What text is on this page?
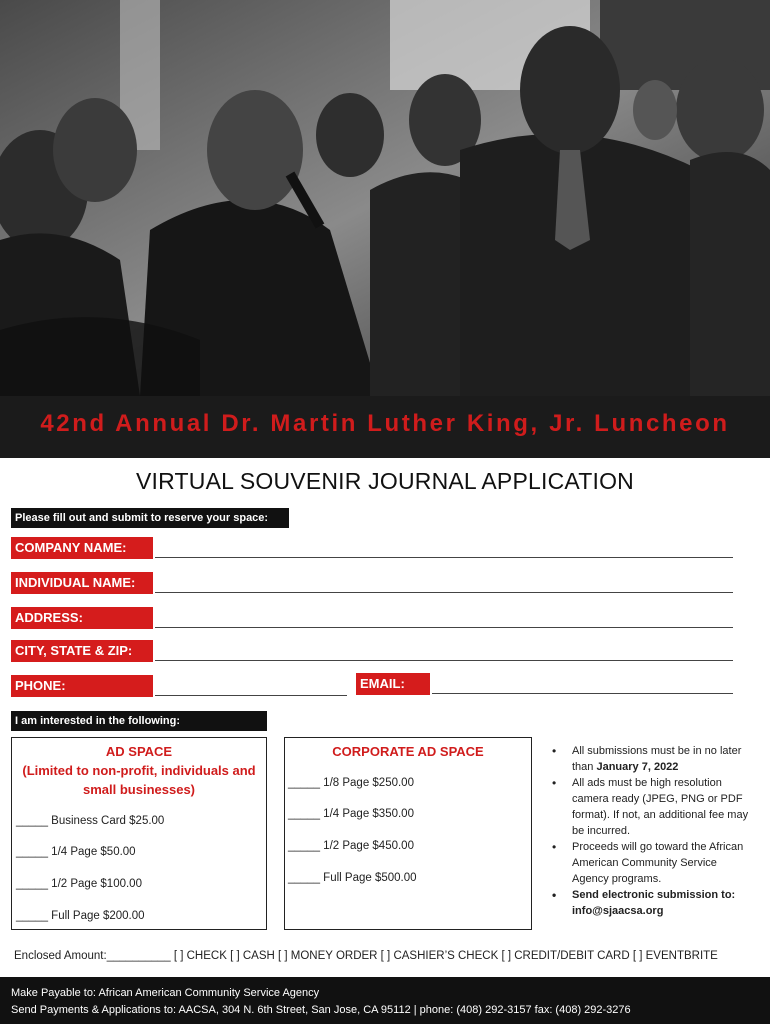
42nd Annual Dr. Martin Luther King, Jr. Luncheon
VIRTUAL SOUVENIR JOURNAL APPLICATION
Please fill out and submit to reserve your space:
COMPANY NAME:
INDIVIDUAL NAME:
ADDRESS:
CITY, STATE & ZIP:
PHONE:	EMAIL:
I am interested in the following:
AD SPACE
(Limited to non-profit, individuals and
small businesses)
_____ Business Card $25.00
_____ 1/4 Page $50.00
_____ 1/2 Page $100.00
_____ Full Page $200.00
CORPORATE AD SPACE
_____ 1/8 Page $250.00
_____ 1/4 Page $350.00
_____ 1/2 Page $450.00
_____ Full Page $500.00
• All submissions must be in no later than January 7, 2022
• All ads must be high resolution camera ready (JPEG, PNG or PDF format). If not, an additional fee may be incurred.
• Proceeds will go toward the African American Community Service Agency programs.
• Send electronic submission to: info@sjaacsa.org
Enclosed Amount:__________ [ ] CHECK [ ] CASH [ ] MONEY ORDER [ ] CASHIER’S CHECK [ ] CREDIT/DEBIT CARD [ ] EVENTBRITE
Make Payable to: African American Community Service Agency
Send Payments & Applications to: AACSA, 304 N. 6th Street, San Jose, CA 95112 | phone: (408) 292-3157 fax: (408) 292-3276
